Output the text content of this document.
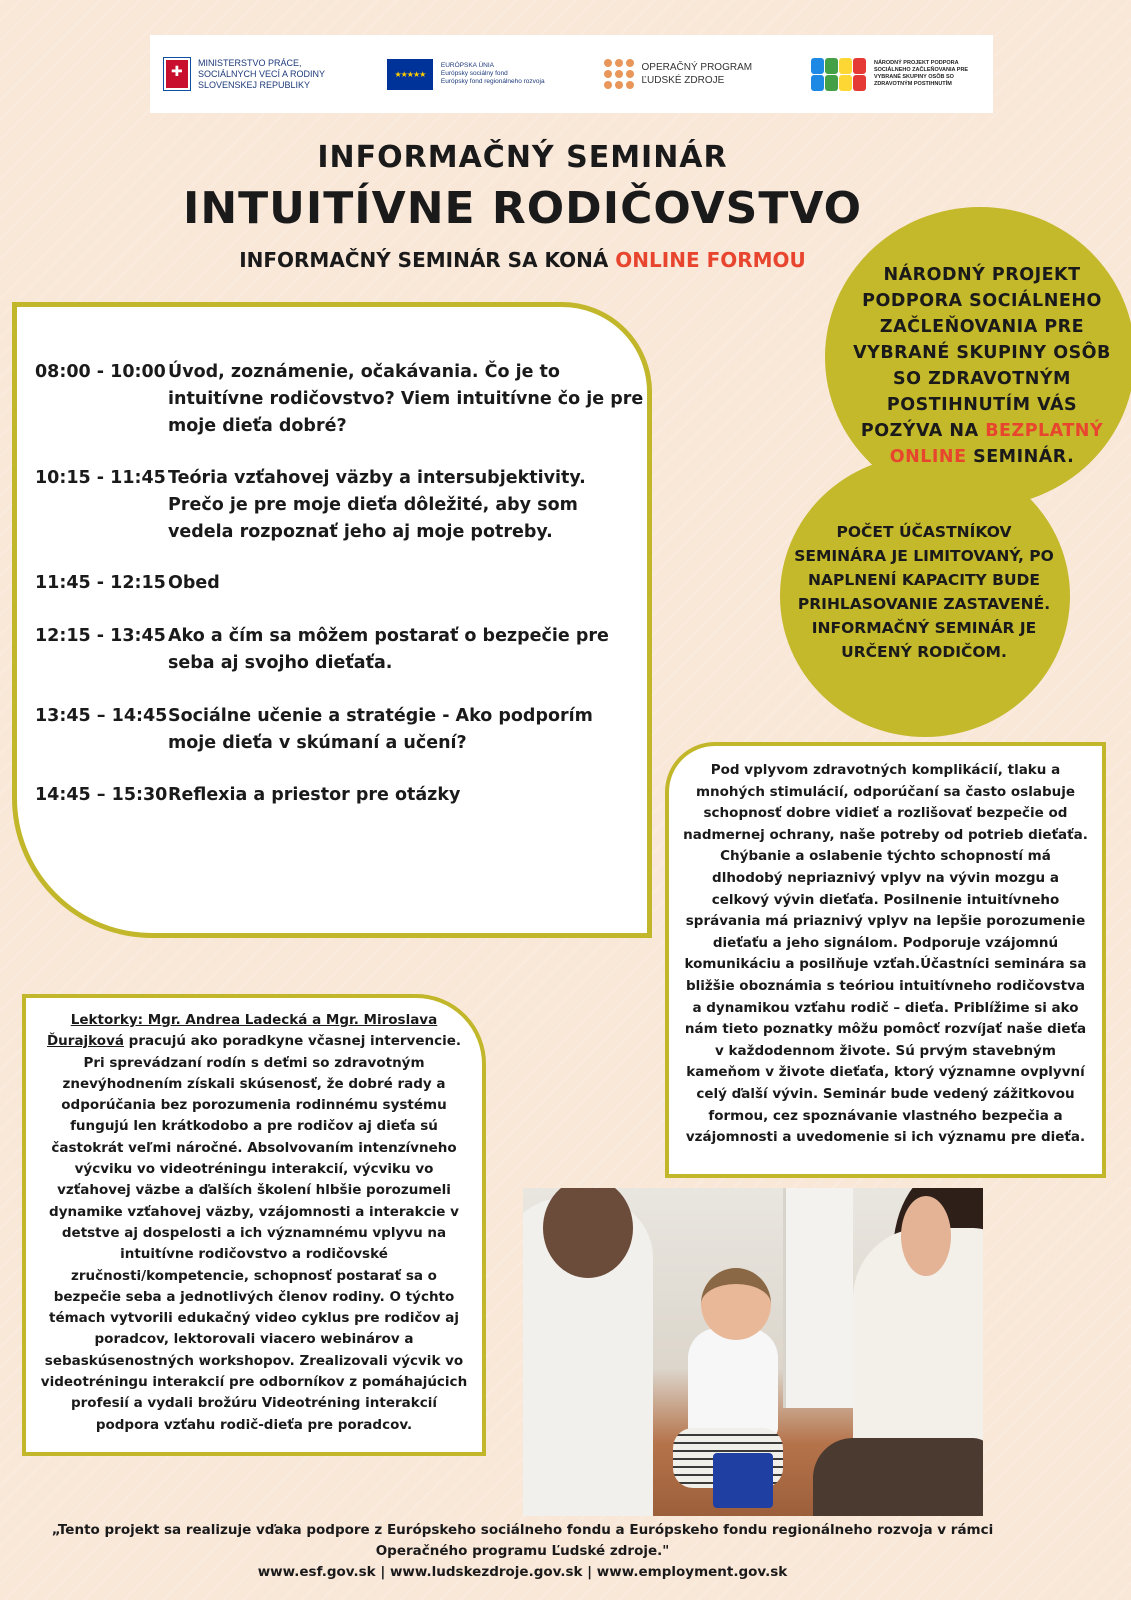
✚
MINISTERSTVO PRÁCE, SOCIÁLNYCH VECÍ A RODINY SLOVENSKEJ REPUBLIKY
★★★★★
EURÓPSKA ÚNIA
Európsky sociálny fond
Európsky fond regionálneho rozvoja
OPERAČNÝ PROGRAM
ĽUDSKÉ ZDROJE
NÁRODNÝ PROJEKT PODPORA SOCIÁLNEHO ZAČLEŇOVANIA PRE VYBRANÉ SKUPINY OSÔB SO ZDRAVOTNÝM POSTIHNUTÍM
INFORMAČNÝ SEMINÁR
INTUITÍVNE RODIČOVSTVO
INFORMAČNÝ SEMINÁR SA KONÁ ONLINE FORMOU
08:00 - 10:00 Úvod, zoznámenie, očakávania. Čo je to intuitívne rodičovstvo? Viem intuitívne čo je pre moje dieťa dobré?
10:15 - 11:45 Teória vzťahovej väzby a intersubjektivity. Prečo je pre moje dieťa dôležité, aby som vedela rozpoznať jeho aj moje potreby.
11:45 - 12:15 Obed
12:15 - 13:45 Ako a čím sa môžem postarať o bezpečie pre seba aj svojho dieťaťa.
13:45 – 14:45 Sociálne učenie a stratégie - Ako podporím moje dieťa v skúmaní a učení?
14:45 – 15:30 Reflexia a priestor pre otázky
NÁRODNÝ PROJEKT PODPORA SOCIÁLNEHO ZAČLEŇOVANIA PRE VYBRANÉ SKUPINY OSÔB SO ZDRAVOTNÝM POSTIHNUTÍM VÁS POZÝVA NA BEZPLATNÝ ONLINE SEMINÁR.
POČET ÚČASTNÍKOV SEMINÁRA JE LIMITOVANÝ, PO NAPLNENÍ KAPACITY BUDE PRIHLASOVANIE ZASTAVENÉ. INFORMAČNÝ SEMINÁR JE URČENÝ RODIČOM.
Pod vplyvom zdravotných komplikácií, tlaku a mnohých stimulácií, odporúčaní sa často oslabuje schopnosť dobre vidieť a rozlišovať bezpečie od nadmernej ochrany, naše potreby od potrieb dieťaťa. Chýbanie a oslabenie týchto schopností má dlhodobý nepriaznivý vplyv na vývin mozgu a celkový vývin dieťaťa. Posilnenie intuitívneho správania má priaznivý vplyv na lepšie porozumenie dieťaťu a jeho signálom. Podporuje vzájomnú komunikáciu a posilňuje vzťah.Účastníci seminára sa bližšie oboznámia s teóriou intuitívneho rodičovstva a dynamikou vzťahu rodič – dieťa. Priblížime si ako nám tieto poznatky môžu pomôcť rozvíjať naše dieťa v každodennom živote. Sú prvým stavebným kameňom v živote dieťaťa, ktorý významne ovplyvní celý ďalší vývin. Seminár bude vedený zážitkovou formou, cez spoznávanie vlastného bezpečia a vzájomnosti a uvedomenie si ich významu pre dieťa.
Lektorky: Mgr. Andrea Ladecká a Mgr. Miroslava Ďurajková pracujú ako poradkyne včasnej intervencie. Pri sprevádzaní rodín s deťmi so zdravotným znevýhodnením získali skúsenosť, že dobré rady a odporúčania bez porozumenia rodinnému systému fungujú len krátkodobo a pre rodičov aj dieťa sú častokrát veľmi náročné. Absolvovaním intenzívneho výcviku vo videotréningu interakcií, výcviku vo vzťahovej väzbe a ďalších školení hlbšie porozumeli dynamike vzťahovej väzby, vzájomnosti a interakcie v detstve aj dospelosti a ich významnému vplyvu na intuitívne rodičovstvo a rodičovské zručnosti/kompetencie, schopnosť postarať sa o bezpečie seba a jednotlivých členov rodiny. O týchto témach vytvorili edukačný video cyklus pre rodičov aj poradcov, lektorovali viacero webinárov a sebaskúsenostných workshopov. Zrealizovali výcvik vo videotréningu interakcií pre odborníkov z pomáhajúcich profesií a vydali brožúru Videotréning interakcií podpora vzťahu rodič-dieťa pre poradcov.
„Tento projekt sa realizuje vďaka podpore z Európskeho sociálneho fondu a Európskeho fondu regionálneho rozvoja v rámci
Operačného programu Ľudské zdroje."
www.esf.gov.sk | www.ludskezdroje.gov.sk | www.employment.gov.sk
